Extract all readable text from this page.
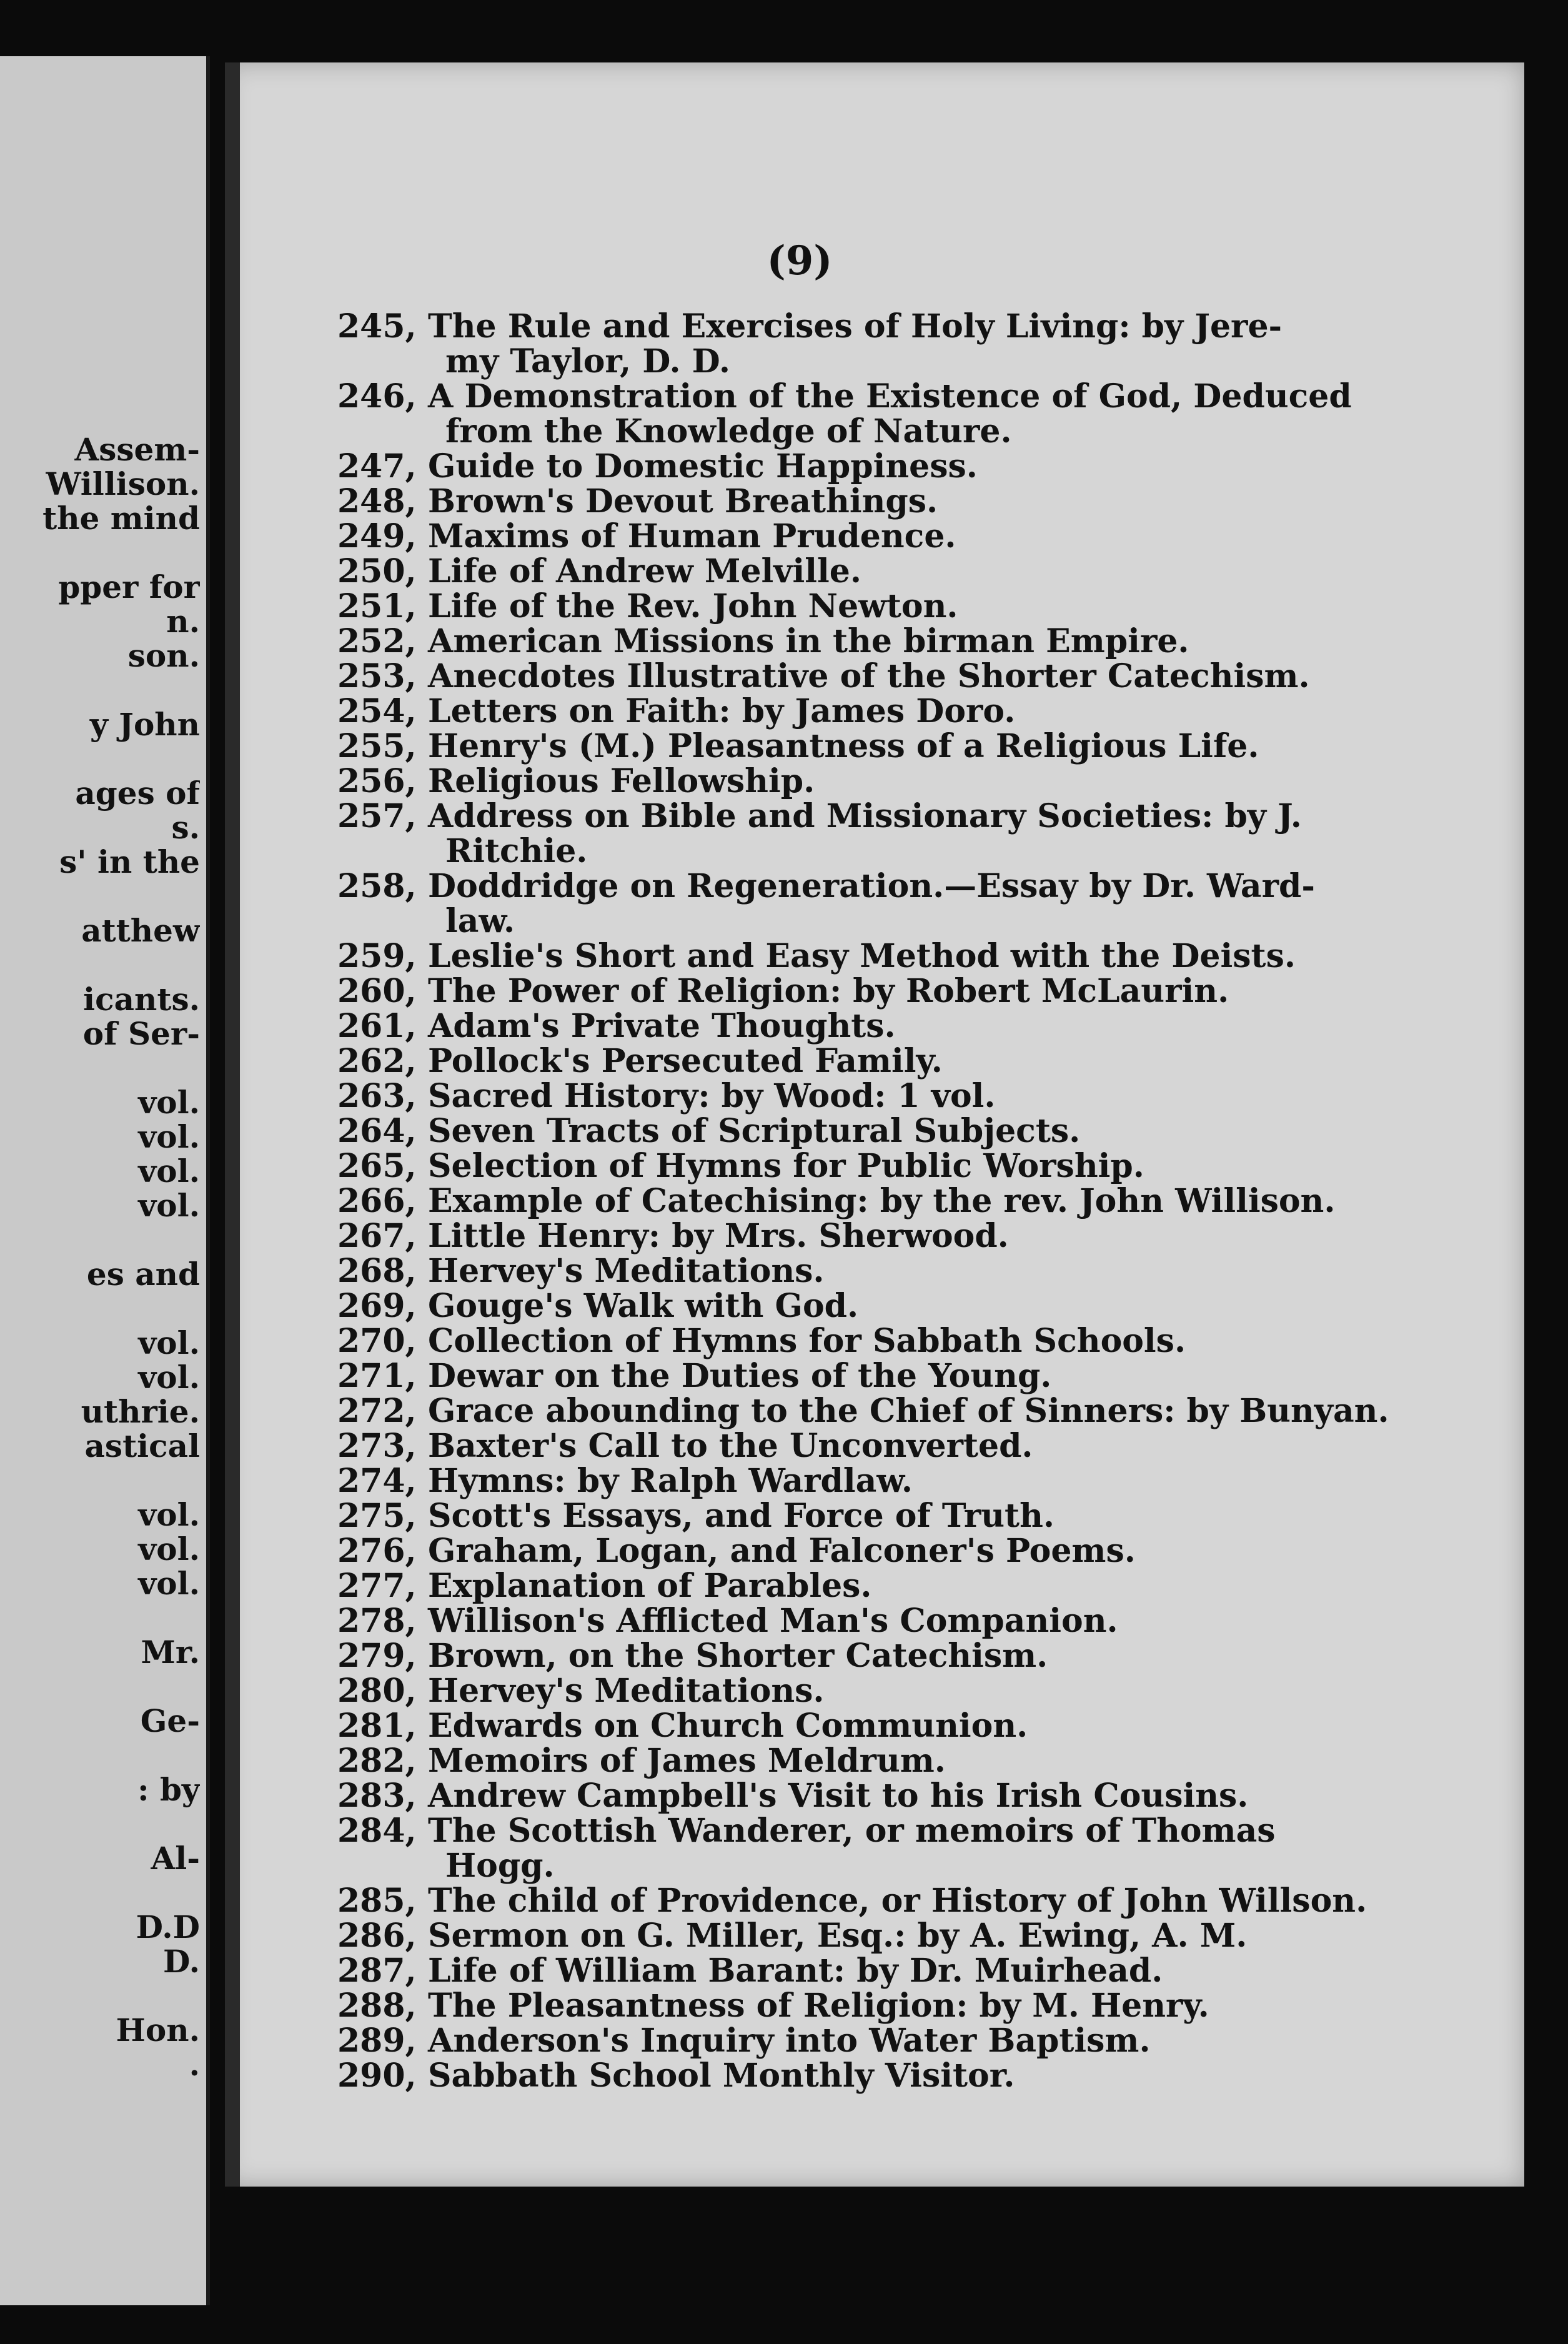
Assem-
Willison.
the mind
pper for
n.
son.
y John
ages of
s.
s' in the
atthew
icants.
of Ser-
vol.
vol.
vol.
vol.
es and
vol.
vol.
uthrie.
astical
vol.
vol.
vol.
Mr.
Ge-
: by
Al-
D.D
D.
Hon.
.
(9)
245, The Rule and Exercises of Holy Living: by Jere-
my Taylor, D. D.
246, A Demonstration of the Existence of God, Deduced
from the Knowledge of Nature.
247, Guide to Domestic Happiness.
248, Brown's Devout Breathings.
249, Maxims of Human Prudence.
250, Life of Andrew Melville.
251, Life of the Rev. John Newton.
252, American Missions in the birman Empire.
253, Anecdotes Illustrative of the Shorter Catechism.
254, Letters on Faith: by James Doro.
255, Henry's (M.) Pleasantness of a Religious Life.
256, Religious Fellowship.
257, Address on Bible and Missionary Societies: by J.
Ritchie.
258, Doddridge on Regeneration.—Essay by Dr. Ward-
law.
259, Leslie's Short and Easy Method with the Deists.
260, The Power of Religion: by Robert McLaurin.
261, Adam's Private Thoughts.
262, Pollock's Persecuted Family.
263, Sacred History: by Wood: 1 vol.
264, Seven Tracts of Scriptural Subjects.
265, Selection of Hymns for Public Worship.
266, Example of Catechising: by the rev. John Willison.
267, Little Henry: by Mrs. Sherwood.
268, Hervey's Meditations.
269, Gouge's Walk with God.
270, Collection of Hymns for Sabbath Schools.
271, Dewar on the Duties of the Young.
272, Grace abounding to the Chief of Sinners: by Bunyan.
273, Baxter's Call to the Unconverted.
274, Hymns: by Ralph Wardlaw.
275, Scott's Essays, and Force of Truth.
276, Graham, Logan, and Falconer's Poems.
277, Explanation of Parables.
278, Willison's Afflicted Man's Companion.
279, Brown, on the Shorter Catechism.
280, Hervey's Meditations.
281, Edwards on Church Communion.
282, Memoirs of James Meldrum.
283, Andrew Campbell's Visit to his Irish Cousins.
284, The Scottish Wanderer, or memoirs of Thomas
Hogg.
285, The child of Providence, or History of John Willson.
286, Sermon on G. Miller, Esq.: by A. Ewing, A. M.
287, Life of William Barant: by Dr. Muirhead.
288, The Pleasantness of Religion: by M. Henry.
289, Anderson's Inquiry into Water Baptism.
290, Sabbath School Monthly Visitor.
